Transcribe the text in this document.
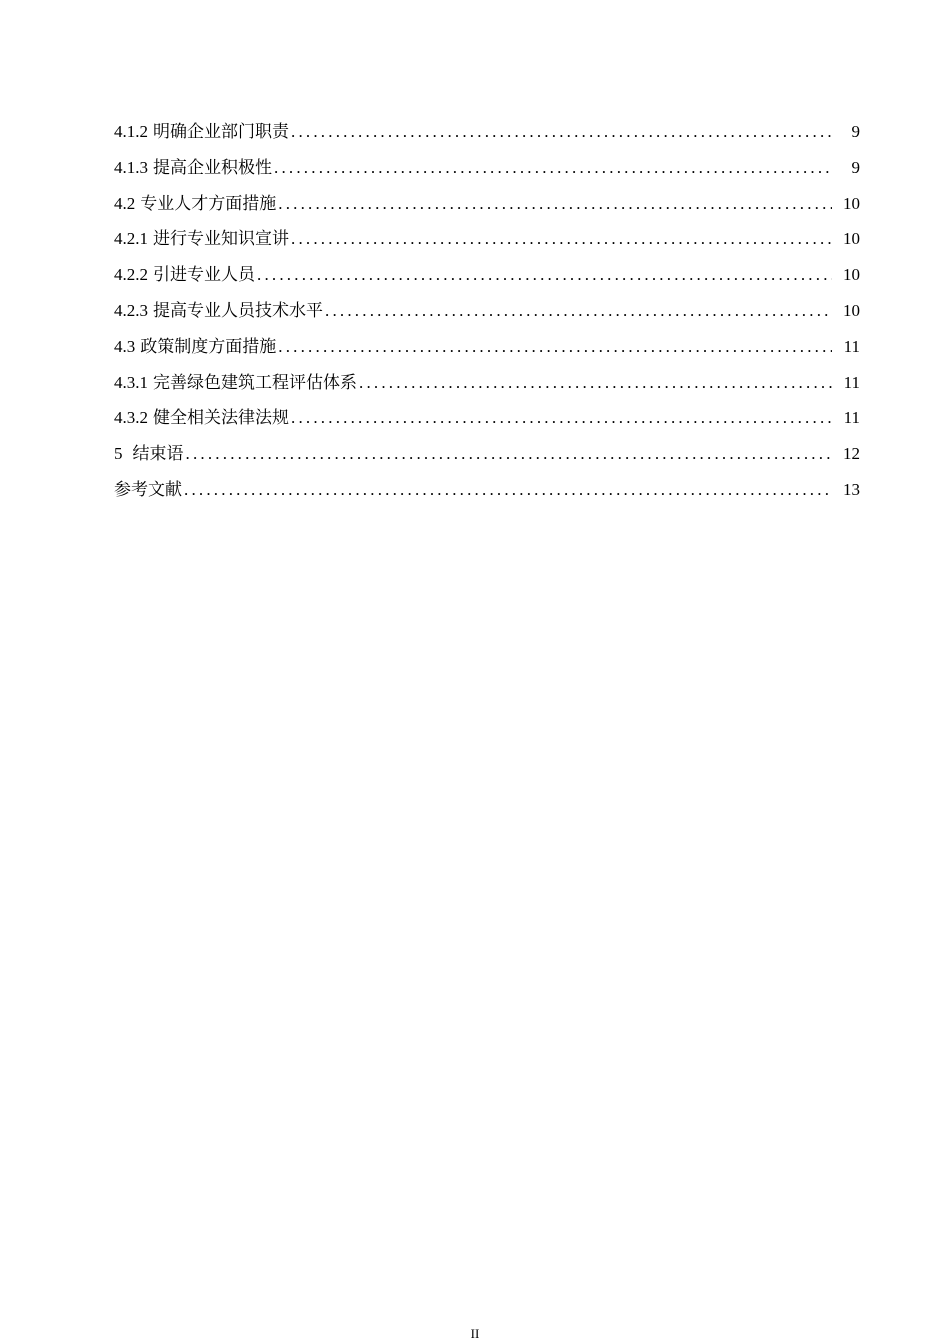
4.1.2 明确企业部门职责 .....	9
4.1.3 提高企业积极性 .....	9
4.2 专业人才方面措施 .....	10
4.2.1 进行专业知识宣讲 .....	10
4.2.2 引进专业人员 .....	10
4.2.3 提高专业人员技术水平 .....	10
4.3 政策制度方面措施 .....	11
4.3.1 完善绿色建筑工程评估体系 .....	11
4.3.2 健全相关法律法规 .....	11
5 结束语 .....	12
参考文献 .....	13
II
